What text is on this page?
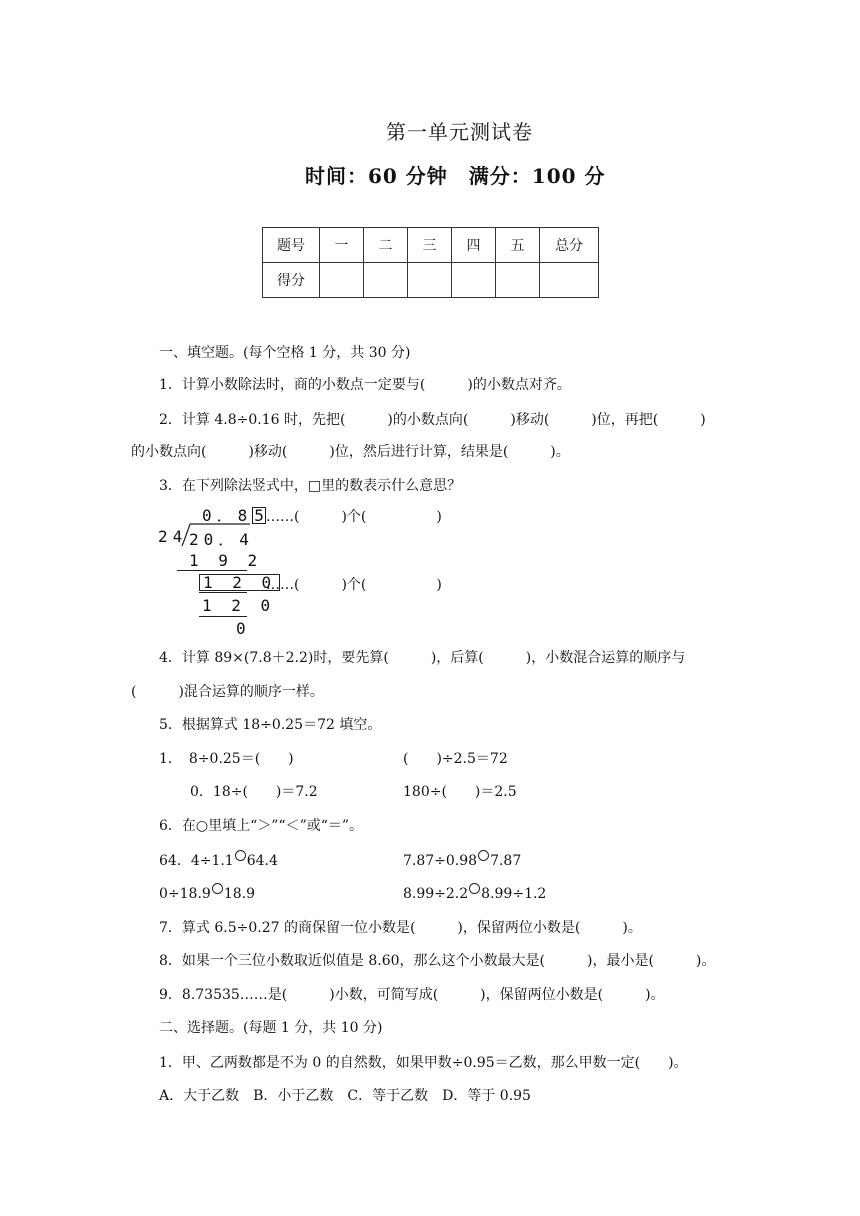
第一单元测试卷
时间：60 分钟　满分：100 分
题号	一	二	三	四	五	总分
得分						
一、填空题。(每个空格 1 分，共 30 分)
1．计算小数除法时，商的小数点一定要与(　　　)的小数点对齐。
2．计算 4.8÷0.16 时，先把(　　　)的小数点向(　　　)移动(　　　)位，再把(　　　)
的小数点向(　　　)移动(　　　)位，然后进行计算，结果是(　　　)。
3．在下列除法竖式中，□里的数表示什么意思？
0．8 5
24 20．4
1 9 2
1 2 0
1 2 0
0
……(　　　)个(　　　　　)
……(　　　)个(　　　　　)
4．计算 89×(7.8＋2.2)时，要先算(　　　)，后算(　　　)，小数混合运算的顺序与
(　　　)混合运算的顺序一样。
5．根据算式 18÷0.25＝72 填空。
1．　8÷0.25＝(　　)	(　　)÷2.5＝72
0．18÷(　　)＝7.2	180÷(　　)＝2.5
6．在○里填上“＞”“＜”或“＝”。
64．4÷1.1 64.4	7.87÷0.98 7.87
0÷18.9 18.9	8.99÷2.2 8.99÷1.2
7．算式 6.5÷0.27 的商保留一位小数是(　　　)，保留两位小数是(　　　)。
8．如果一个三位小数取近似值是 8.60，那么这个小数最大是(　　　)，最小是(　　　)。
9．8.73535……是(　　　)小数，可简写成(　　　)，保留两位小数是(　　　)。
二、选择题。(每题 1 分，共 10 分)
1．甲、乙两数都是不为 0 的自然数，如果甲数÷0.95＝乙数，那么甲数一定(　　)。
A．大于乙数　B．小于乙数　C．等于乙数　D．等于 0.95
